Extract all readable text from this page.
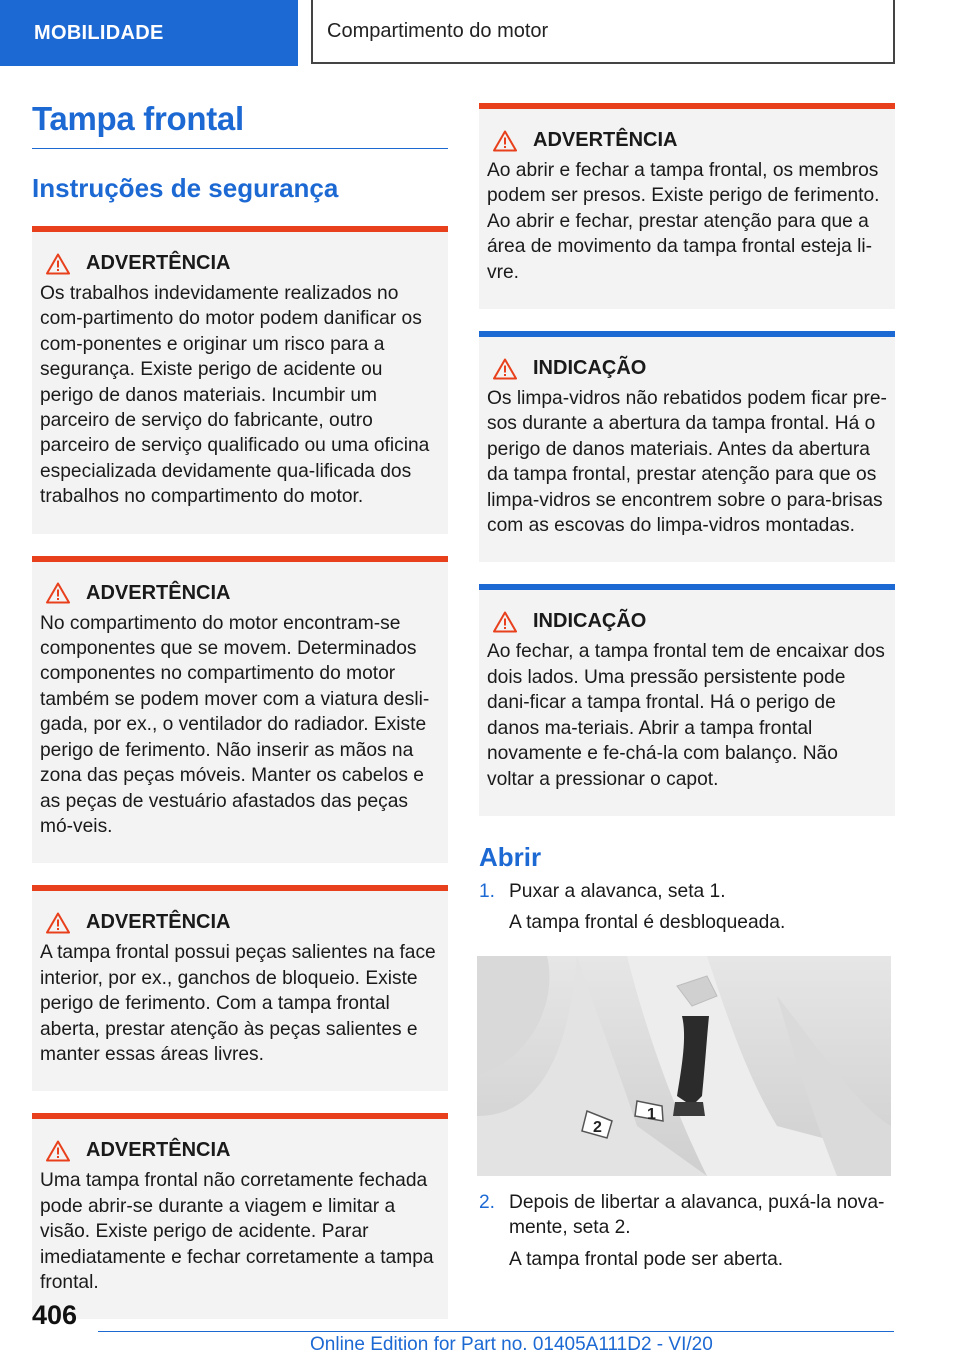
MOBILIDADE	Compartimento do motor
Tampa frontal
Instruções de segurança
ADVERTÊNCIA

Os trabalhos indevidamente realizados no com-partimento do motor podem danificar os com-ponentes e originar um risco para a segurança. Existe perigo de acidente ou perigo de danos materiais. Incumbir um parceiro de serviço do fabricante, outro parceiro de serviço qualificado ou uma oficina especializada devidamente qua-lificada dos trabalhos no compartimento do motor.

ADVERTÊNCIA

No compartimento do motor encontram-se componentes que se movem. Determinados componentes no compartimento do motor também se podem mover com a viatura desli-gada, por ex., o ventilador do radiador. Existe perigo de ferimento. Não inserir as mãos na zona das peças móveis. Manter os cabelos e as peças de vestuário afastados das peças mó-veis.

ADVERTÊNCIA

A tampa frontal possui peças salientes na face interior, por ex., ganchos de bloqueio. Existe perigo de ferimento. Com a tampa frontal aberta, prestar atenção às peças salientes e manter essas áreas livres.

ADVERTÊNCIA

Uma tampa frontal não corretamente fechada pode abrir-se durante a viagem e limitar a visão. Existe perigo de acidente. Parar imediatamente e fechar corretamente a tampa frontal.

ADVERTÊNCIA

Ao abrir e fechar a tampa frontal, os membros podem ser presos. Existe perigo de ferimento. Ao abrir e fechar, prestar atenção para que a área de movimento da tampa frontal esteja li-vre.

INDICAÇÃO

Os limpa-vidros não rebatidos podem ficar pre-sos durante a abertura da tampa frontal. Há o perigo de danos materiais. Antes da abertura da tampa frontal, prestar atenção para que os limpa-vidros se encontrem sobre o para-brisas com as escovas do limpa-vidros montadas.

INDICAÇÃO

Ao fechar, a tampa frontal tem de encaixar dos dois lados. Uma pressão persistente pode dani-ficar a tampa frontal. Há o perigo de danos ma-teriais. Abrir a tampa frontal novamente e fe-chá-la com balanço. Não voltar a pressionar o capot.

Abrir
1. Puxar a alavanca, seta 1.
A tampa frontal é desbloqueada.
1
2
2. Depois de libertar a alavanca, puxá-la nova-mente, seta 2.
A tampa frontal pode ser aberta.
406
Online Edition for Part no. 01405A111D2 - VI/20
